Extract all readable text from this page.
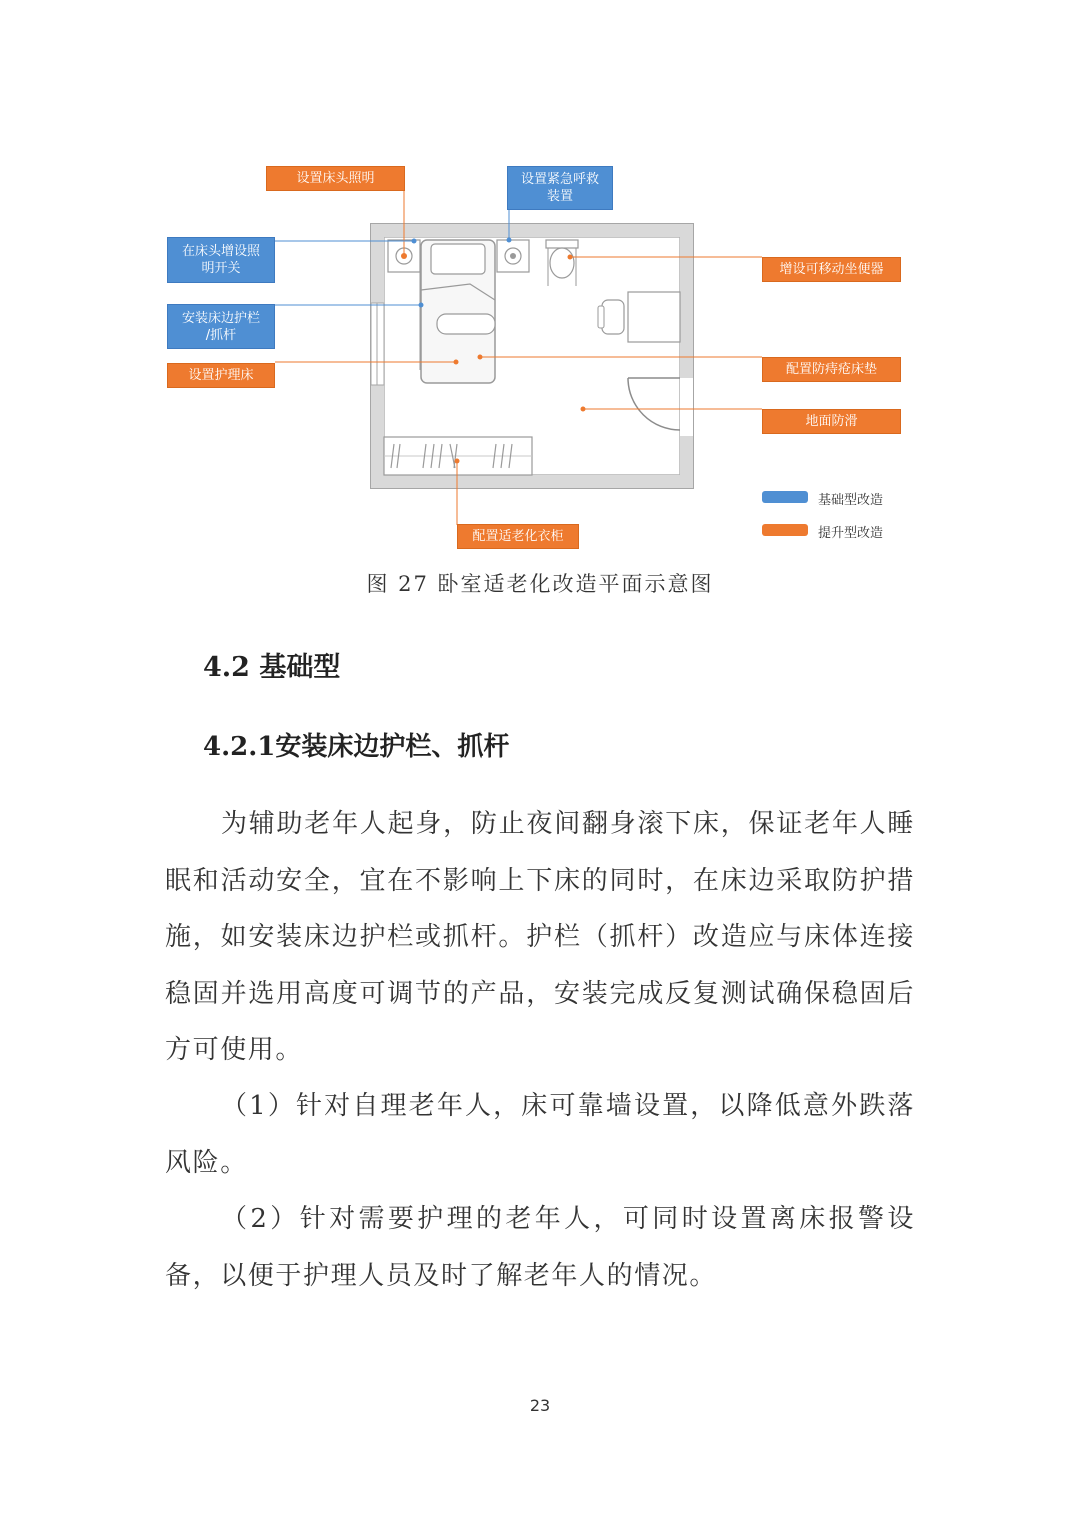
设置床头照明	设置紧急呼救
装置
在床头增设照
明开关
安装床边护栏
/抓杆
设置护理床
增设可移动坐便器
配置防痔疮床垫
地面防滑
配置适老化衣柜
基础型改造
提升型改造
图 27 卧室适老化改造平面示意图
4.2 基础型
4.2.1安装床边护栏、抓杆

为辅助老年人起身，防止夜间翻身滚下床，保证老年人睡眠和活动安全，宜在不影响上下床的同时，在床边采取防护措施，如安装床边护栏或抓杆。护栏（抓杆）改造应与床体连接稳固并选用高度可调节的产品，安装完成反复测试确保稳固后方可使用。

（1）针对自理老年人，床可靠墙设置，以降低意外跌落风险。

（2）针对需要护理的老年人，可同时设置离床报警设备，以便于护理人员及时了解老年人的情况。

23
